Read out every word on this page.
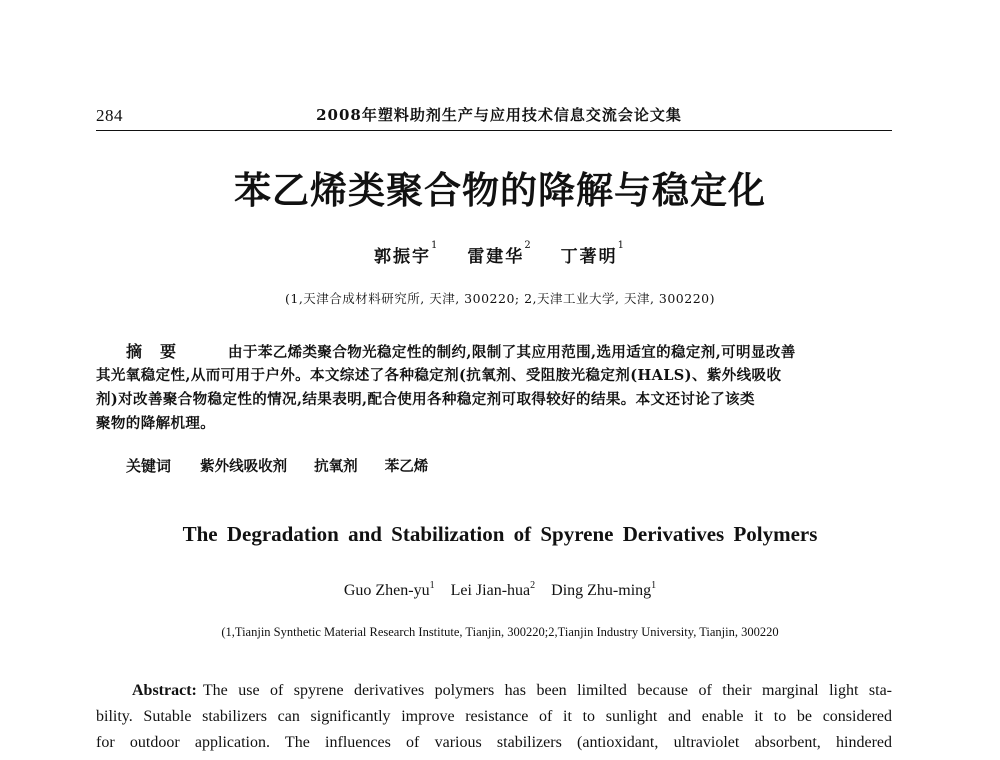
284	2008年塑料助剂生产与应用技术信息交流会论文集
苯乙烯类聚合物的降解与稳定化
郭振宇$^1$ 雷建华$^2$ 丁著明$^1$
(1,天津合成材料研究所, 天津, 300220; 2,天津工业大学, 天津, 300220)
摘要 由于苯乙烯类聚合物光稳定性的制约,限制了其应用范围,选用适宜的稳定剂,可明显改善
其光氧稳定性,从而可用于户外。本文综述了各种稳定剂(抗氧剂、受阻胺光稳定剂(HALS)、紫外线吸收
剂)对改善聚合物稳定性的情况,结果表明,配合使用各种稳定剂可取得较好的结果。本文还讨论了该类
聚物的降解机理。
关键词 紫外线吸收剂 抗氧剂 苯乙烯
The Degradation and Stabilization of Spyrene Derivatives Polymers
Guo Zhen-$yu^1$ Lei Jian-hua$^2$ Ding Zhu-ming$^1$
(1,Tianjin Synthetic Material Research Institute, Tianjin, 300220;2,Tianjin Industry University, Tianjin, 300220
Abstract: The use of spyrene derivatives polymers has been limilted because of their marginal light sta-
bility. Sutable stabilizers can significantly improve resistance of it to sunlight and enable it to be considered
for outdoor application. The influences of various stabilizers (antioxidant, ultraviolet absorbent, hindered
